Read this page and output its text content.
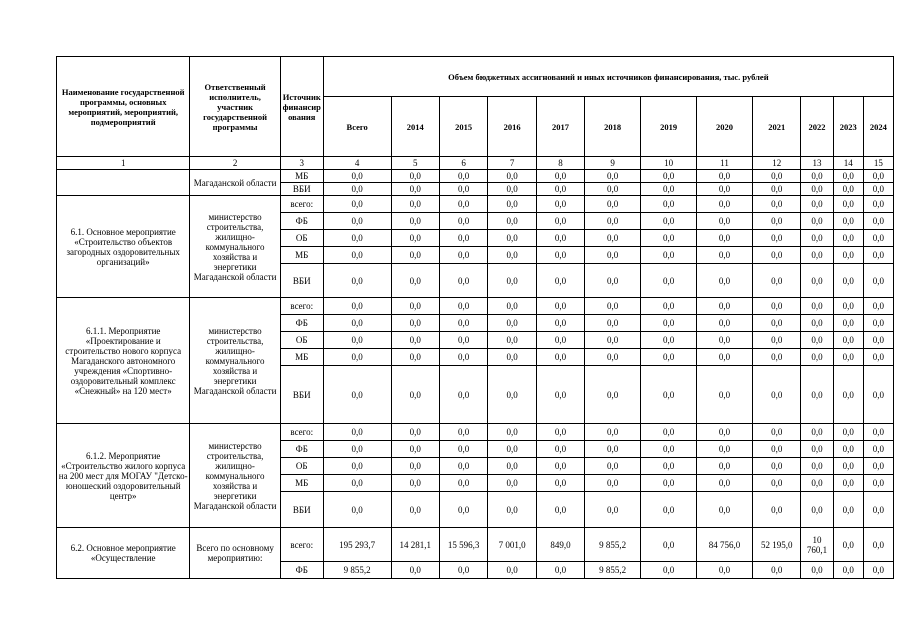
Наименование государственной программы, основных мероприятий, мероприятий, подмероприятий	Ответственный исполнитель, участник государственной программы	Источник финансирования	Объем бюджетных ассигнований и иных источников финансирования, тыс. рублей											
			Всего	2014	2015	2016	2017	2018	2019	2020	2021	2022	2023	2024
1	2	3	4	5	6	7	8	9	10	11	12	13	14	15
	Магаданской области	МБ	0,0	0,0	0,0	0,0	0,0	0,0	0,0	0,0	0,0	0,0	0,0	0,0
		ВБИ	0,0	0,0	0,0	0,0	0,0	0,0	0,0	0,0	0,0	0,0	0,0	0,0
6.1. Основное мероприятие «Строительство объектов загородных оздоровительных организаций»	министерство строительства, жилищно-коммунального хозяйства и энергетики Магаданской области	всего:	0,0	0,0	0,0	0,0	0,0	0,0	0,0	0,0	0,0	0,0	0,0	0,0
		ФБ	0,0	0,0	0,0	0,0	0,0	0,0	0,0	0,0	0,0	0,0	0,0	0,0
		ОБ	0,0	0,0	0,0	0,0	0,0	0,0	0,0	0,0	0,0	0,0	0,0	0,0
		МБ	0,0	0,0	0,0	0,0	0,0	0,0	0,0	0,0	0,0	0,0	0,0	0,0
		ВБИ	0,0	0,0	0,0	0,0	0,0	0,0	0,0	0,0	0,0	0,0	0,0	0,0
6.1.1. Мероприятие «Проектирование и строительство нового корпуса Магаданского автономного учреждения «Спортивно-оздоровительный комплекс «Снежный» на 120 мест»	министерство строительства, жилищно-коммунального хозяйства и энергетики Магаданской области	всего:	0,0	0,0	0,0	0,0	0,0	0,0	0,0	0,0	0,0	0,0	0,0	0,0
		ФБ	0,0	0,0	0,0	0,0	0,0	0,0	0,0	0,0	0,0	0,0	0,0	0,0
		ОБ	0,0	0,0	0,0	0,0	0,0	0,0	0,0	0,0	0,0	0,0	0,0	0,0
		МБ	0,0	0,0	0,0	0,0	0,0	0,0	0,0	0,0	0,0	0,0	0,0	0,0
		ВБИ	0,0	0,0	0,0	0,0	0,0	0,0	0,0	0,0	0,0	0,0	0,0	0,0
6.1.2. Мероприятие «Строительство жилого корпуса на 200 мест для МОГАУ "Детско-юношеский оздоровительный центр»	министерство строительства, жилищно-коммунального хозяйства и энергетики Магаданской области	всего:	0,0	0,0	0,0	0,0	0,0	0,0	0,0	0,0	0,0	0,0	0,0	0,0
		ФБ	0,0	0,0	0,0	0,0	0,0	0,0	0,0	0,0	0,0	0,0	0,0	0,0
		ОБ	0,0	0,0	0,0	0,0	0,0	0,0	0,0	0,0	0,0	0,0	0,0	0,0
		МБ	0,0	0,0	0,0	0,0	0,0	0,0	0,0	0,0	0,0	0,0	0,0	0,0
		ВБИ	0,0	0,0	0,0	0,0	0,0	0,0	0,0	0,0	0,0	0,0	0,0	0,0
6.2. Основное мероприятие «Осуществление	Всего по основному мероприятию:	всего:	195 293,7	14 281,1	15 596,3	7 001,0	849,0	9 855,2	0,0	84 756,0	52 195,0	10 760,1	0,0	0,0
		ФБ	9 855,2	0,0	0,0	0,0	0,0	9 855,2	0,0	0,0	0,0	0,0	0,0	0,0
